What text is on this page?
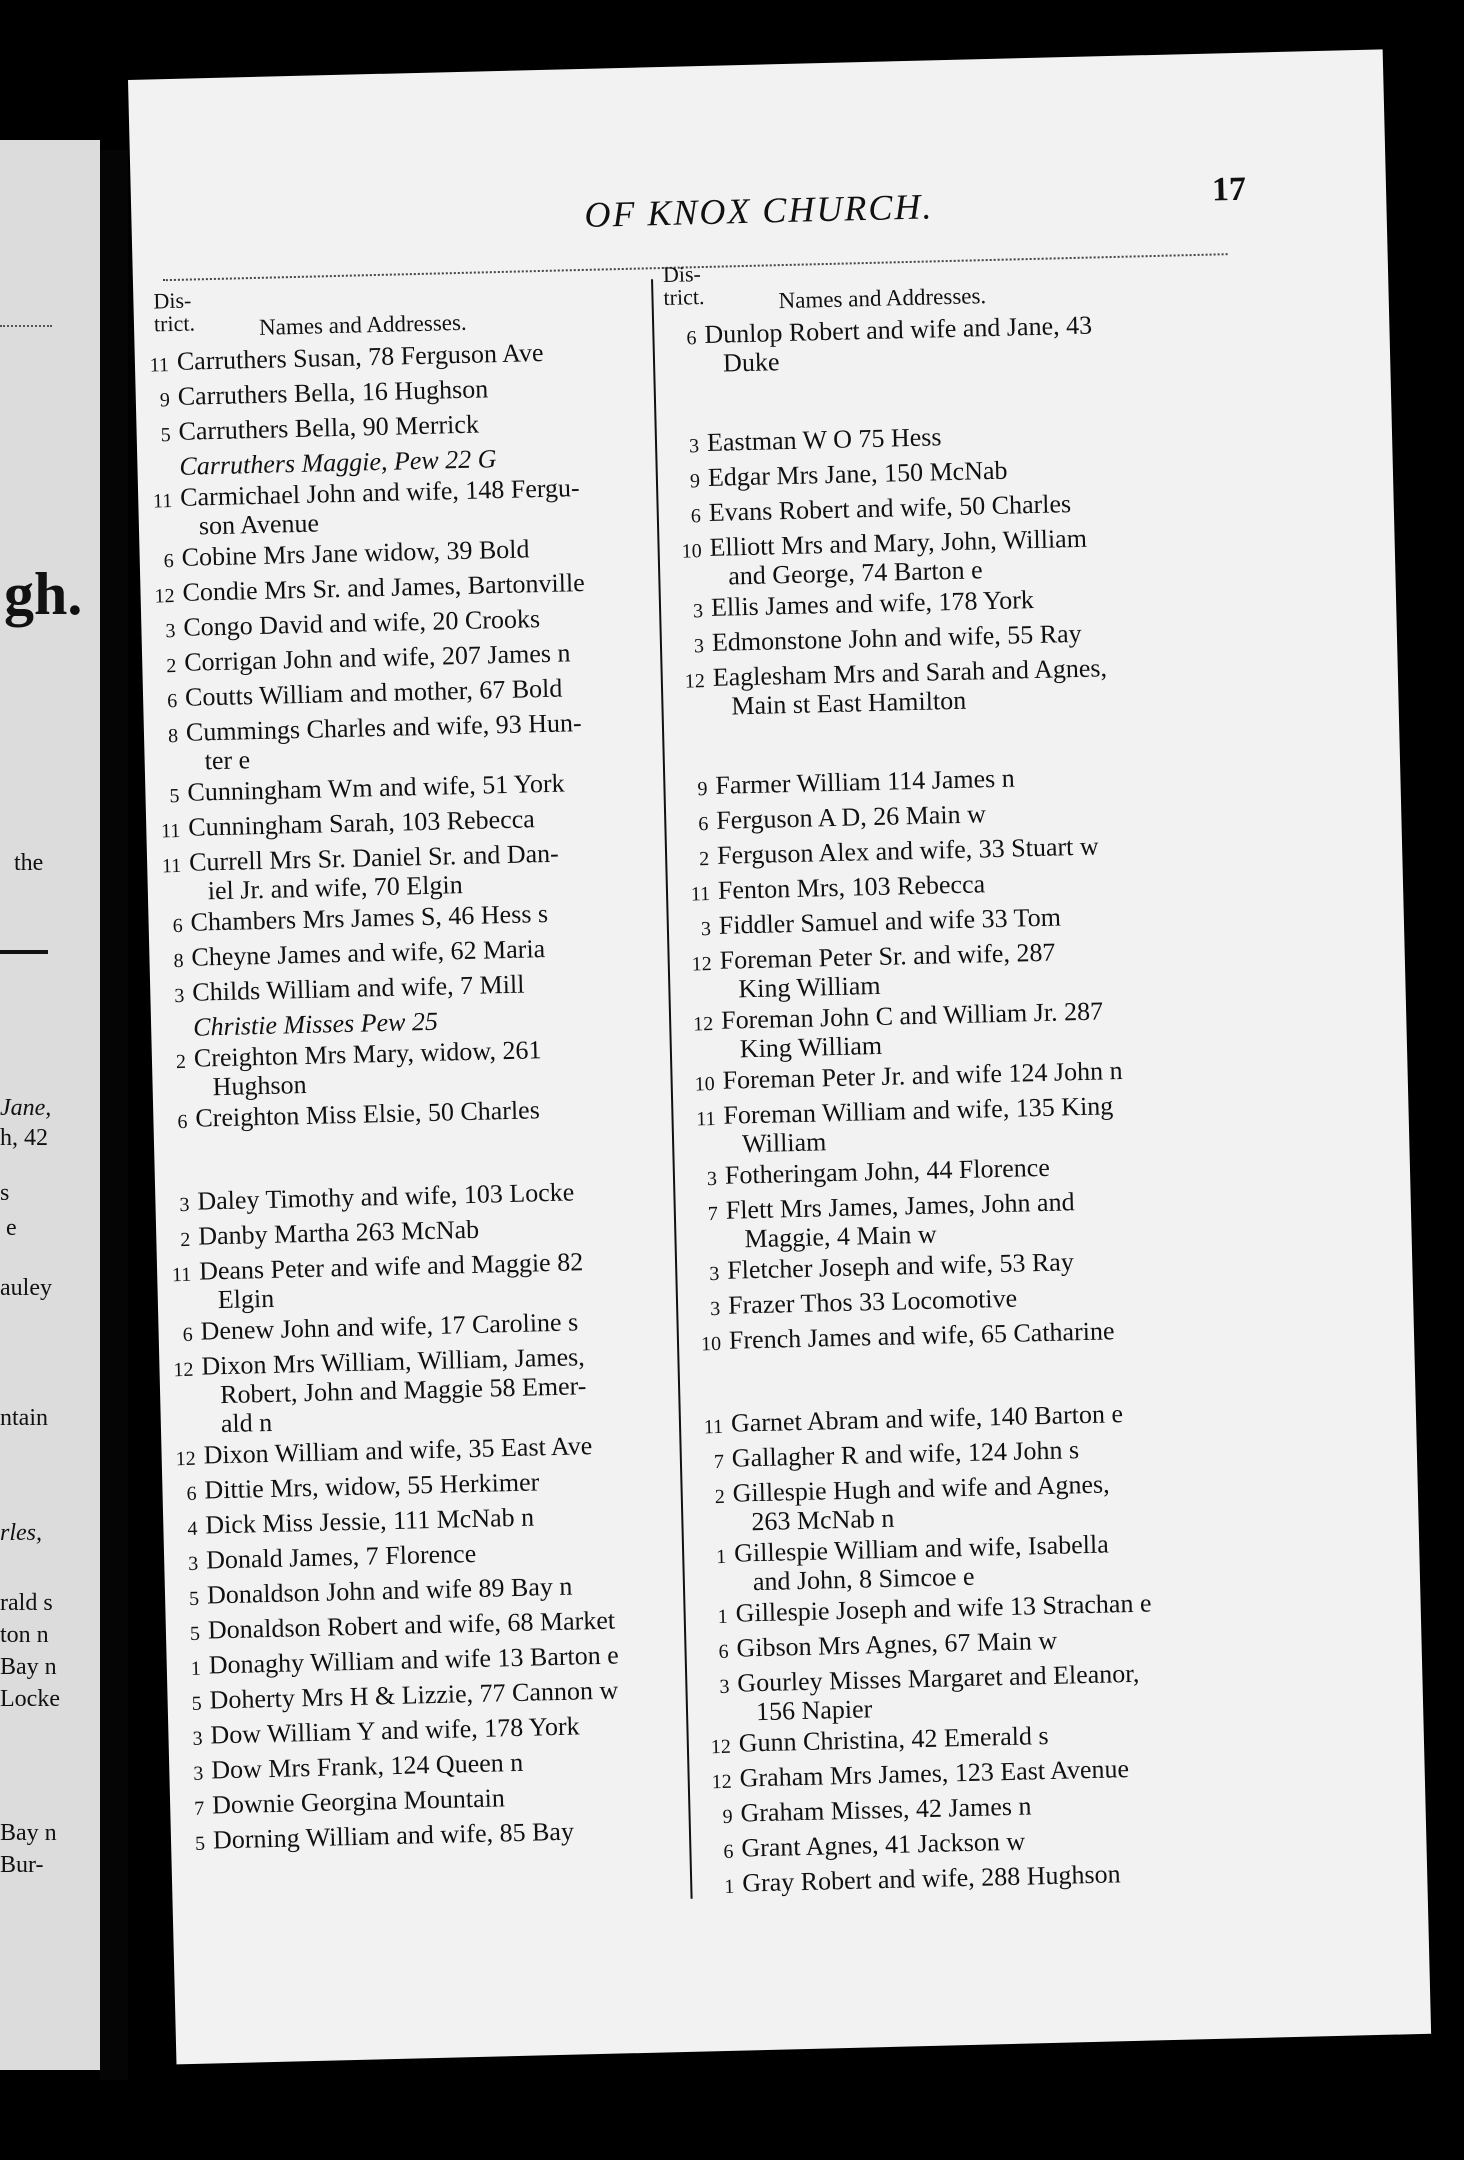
gh.
the
Jane,
h, 42
s
e
auley
ntain
rles,
rald s
ton n
Bay n
Locke
Bay n
Bur-
OF KNOX CHURCH.	17
Dis-
trict.	Names and Addresses.
Dis-
trict.	Names and Addresses.
11 Carruthers Susan, 78 Ferguson Ave
9 Carruthers Bella, 16 Hughson
5 Carruthers Bella, 90 Merrick
Carruthers Maggie, Pew 22 G
11 Carmichael John and wife, 148 Fergu-
son Avenue
6 Cobine Mrs Jane widow, 39 Bold
12 Condie Mrs Sr. and James, Bartonville
3 Congo David and wife, 20 Crooks
2 Corrigan John and wife, 207 James n
6 Coutts William and mother, 67 Bold
8 Cummings Charles and wife, 93 Hun-
ter e
5 Cunningham Wm and wife, 51 York
11 Cunningham Sarah, 103 Rebecca
11 Currell Mrs Sr. Daniel Sr. and Dan-
iel Jr. and wife, 70 Elgin
6 Chambers Mrs James S, 46 Hess s
8 Cheyne James and wife, 62 Maria
3 Childs William and wife, 7 Mill
Christie Misses Pew 25
2 Creighton Mrs Mary, widow, 261
Hughson
6 Creighton Miss Elsie, 50 Charles
3 Daley Timothy and wife, 103 Locke
2 Danby Martha 263 McNab
11 Deans Peter and wife and Maggie 82
Elgin
6 Denew John and wife, 17 Caroline s
12 Dixon Mrs William, William, James,
Robert, John and Maggie 58 Emer-
ald n
12 Dixon William and wife, 35 East Ave
6 Dittie Mrs, widow, 55 Herkimer
4 Dick Miss Jessie, 111 McNab n
3 Donald James, 7 Florence
5 Donaldson John and wife 89 Bay n
5 Donaldson Robert and wife, 68 Market
1 Donaghy William and wife 13 Barton e
5 Doherty Mrs H & Lizzie, 77 Cannon w
3 Dow William Y and wife, 178 York
3 Dow Mrs Frank, 124 Queen n
7 Downie Georgina Mountain
5 Dorning William and wife, 85 Bay
6 Dunlop Robert and wife and Jane, 43
Duke
3 Eastman W O 75 Hess
9 Edgar Mrs Jane, 150 McNab
6 Evans Robert and wife, 50 Charles
10 Elliott Mrs and Mary, John, William
and George, 74 Barton e
3 Ellis James and wife, 178 York
3 Edmonstone John and wife, 55 Ray
12 Eaglesham Mrs and Sarah and Agnes,
Main st East Hamilton
9 Farmer William 114 James n
6 Ferguson A D, 26 Main w
2 Ferguson Alex and wife, 33 Stuart w
11 Fenton Mrs, 103 Rebecca
3 Fiddler Samuel and wife 33 Tom
12 Foreman Peter Sr. and wife, 287
King William
12 Foreman John C and William Jr. 287
King William
10 Foreman Peter Jr. and wife 124 John n
11 Foreman William and wife, 135 King
William
3 Fotheringam John, 44 Florence
7 Flett Mrs James, James, John and
Maggie, 4 Main w
3 Fletcher Joseph and wife, 53 Ray
3 Frazer Thos 33 Locomotive
10 French James and wife, 65 Catharine
11 Garnet Abram and wife, 140 Barton e
7 Gallagher R and wife, 124 John s
2 Gillespie Hugh and wife and Agnes,
263 McNab n
1 Gillespie William and wife, Isabella
and John, 8 Simcoe e
1 Gillespie Joseph and wife 13 Strachan e
6 Gibson Mrs Agnes, 67 Main w
3 Gourley Misses Margaret and Eleanor,
156 Napier
12 Gunn Christina, 42 Emerald s
12 Graham Mrs James, 123 East Avenue
9 Graham Misses, 42 James n
6 Grant Agnes, 41 Jackson w
1 Gray Robert and wife, 288 Hughson
